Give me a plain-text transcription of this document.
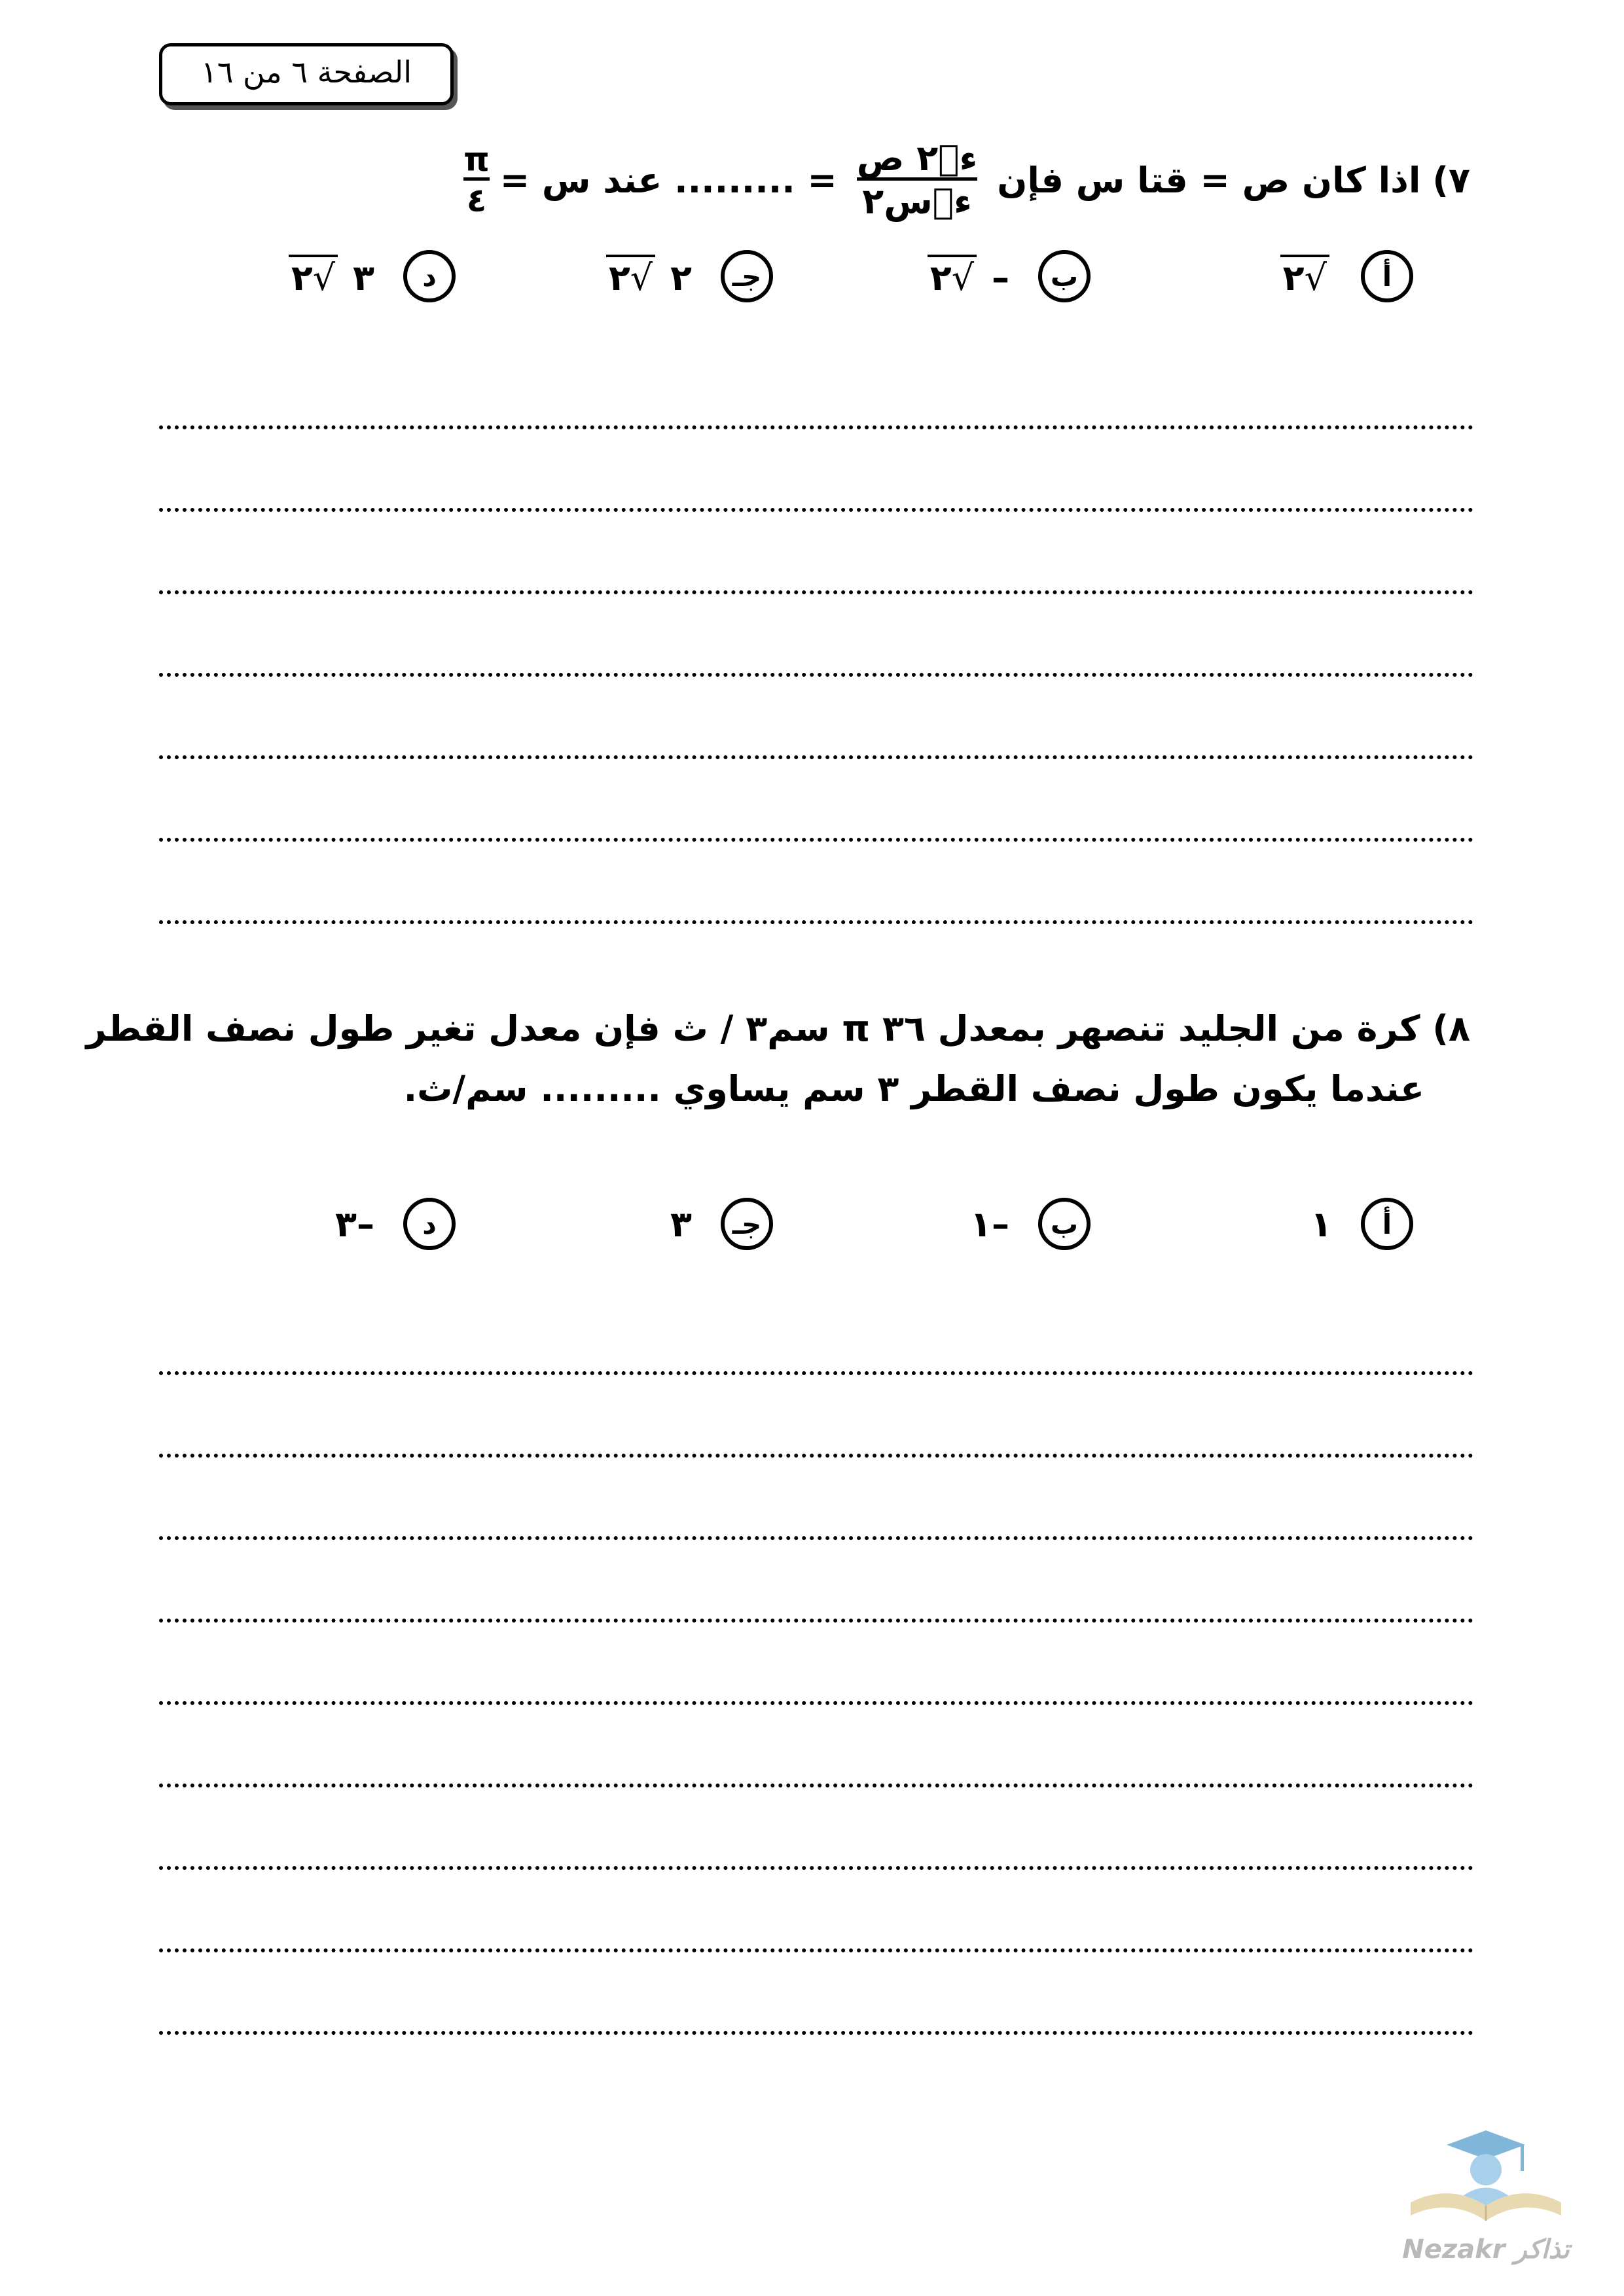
الصفحة ٦ من ١٦
٧)
اذا كان ص = قتا س فإن
$\frac{\text{ءٖ٢ ص}}{\text{ءٖس٢}}$
= ......... عند س =
$\frac{\pi}{٤}$
أ
√ ٢
ب
– √ ٢
جـ
٢ √ ٢
د
٣ √ ٢
٨) كرة من الجليد تنصهر بمعدل ٣٦ π سم٣ / ث فإن معدل تغير طول نصف القطر
عندما يكون طول نصف القطر ٣ سم يساوي ......... سم/ث.
أ
١
ب
–١
جـ
٣
د
–٣
Nezakr تذاكر
